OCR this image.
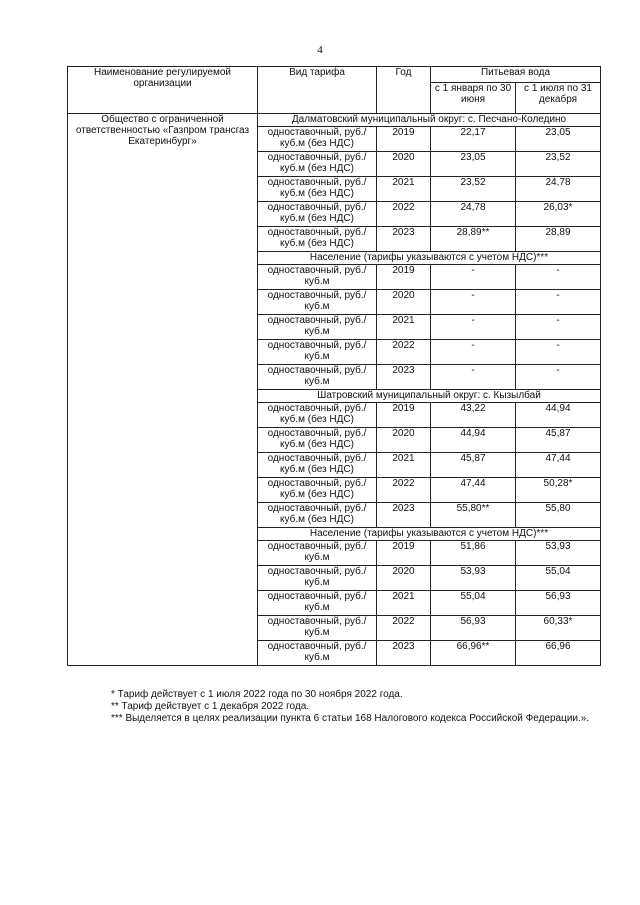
4
Наименование регулируемой организации	Вид тарифа	Год	Питьевая вода	
			с 1 января по 30 июня	с 1 июля по 31 декабря
Общество с ограниченной ответственностью «Газпром трансгаз Екатеринбург»	Далматовский муниципальный округ: с. Песчано-Коледино			
	одноставочный, руб./куб.м (без НДС)	2019	22,17	23,05
	одноставочный, руб./куб.м (без НДС)	2020	23,05	23,52
	одноставочный, руб./куб.м (без НДС)	2021	23,52	24,78
	одноставочный, руб./куб.м (без НДС)	2022	24,78	26,03*
	одноставочный, руб./куб.м (без НДС)	2023	28,89**	28,89
	Население (тарифы указываются с учетом НДС)***			
	одноставочный, руб./куб.м	2019	-	-
	одноставочный, руб./куб.м	2020	-	-
	одноставочный, руб./куб.м	2021	-	-
	одноставочный, руб./куб.м	2022	-	-
	одноставочный, руб./куб.м	2023	-	-
	Шатровский муниципальный округ: с. Кызылбай			
	одноставочный, руб./куб.м (без НДС)	2019	43,22	44,94
	одноставочный, руб./куб.м (без НДС)	2020	44,94	45,87
	одноставочный, руб./куб.м (без НДС)	2021	45,87	47,44
	одноставочный, руб./куб.м (без НДС)	2022	47,44	50,28*
	одноставочный, руб./куб.м (без НДС)	2023	55,80**	55,80
	Население (тарифы указываются с учетом НДС)***			
	одноставочный, руб./куб.м	2019	51,86	53,93
	одноставочный, руб./куб.м	2020	53,93	55,04
	одноставочный, руб./куб.м	2021	55,04	56,93
	одноставочный, руб./куб.м	2022	56,93	60,33*
	одноставочный, руб./куб.м	2023	66,96**	66,96
* Тариф действует с 1 июля 2022 года по 30 ноября 2022 года.
** Тариф действует с 1 декабря 2022 года.
*** Выделяется в целях реализации пункта 6 статьи 168 Налогового кодекса Российской Федерации.».
